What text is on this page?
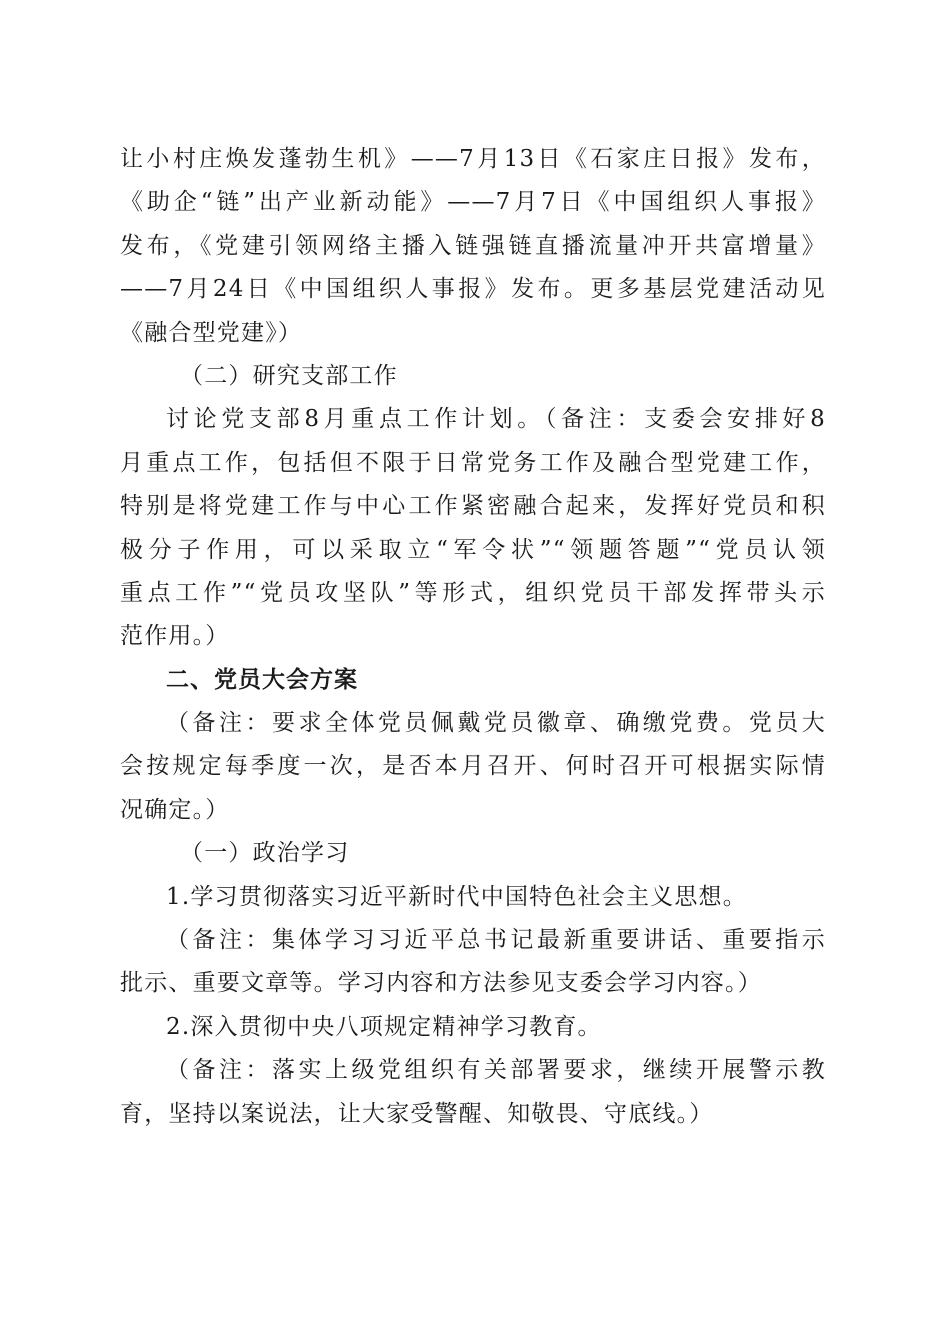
让小村庄焕发蓬勃生机》——7月13日《石家庄日报》发布，
《助企“链”出产业新动能》——7月7日《中国组织人事报》
发布，《党建引领网络主播入链强链直播流量冲开共富增量》
——7月24日《中国组织人事报》发布。更多基层党建活动见
《融合型党建》）
（二）研究支部工作
讨论党支部8月重点工作计划。（备注：支委会安排好8
月重点工作，包括但不限于日常党务工作及融合型党建工作，
特别是将党建工作与中心工作紧密融合起来，发挥好党员和积
极分子作用，可以采取立“军令状”“领题答题”“党员认领
重点工作”“党员攻坚队”等形式，组织党员干部发挥带头示
范作用。）
二、党员大会方案
（备注：要求全体党员佩戴党员徽章、确缴党费。党员大
会按规定每季度一次，是否本月召开、何时召开可根据实际情
况确定。）
（一）政治学习
1.学习贯彻落实习近平新时代中国特色社会主义思想。
（备注：集体学习习近平总书记最新重要讲话、重要指示
批示、重要文章等。学习内容和方法参见支委会学习内容。）
2.深入贯彻中央八项规定精神学习教育。
（备注：落实上级党组织有关部署要求，继续开展警示教
育，坚持以案说法，让大家受警醒、知敬畏、守底线。）
